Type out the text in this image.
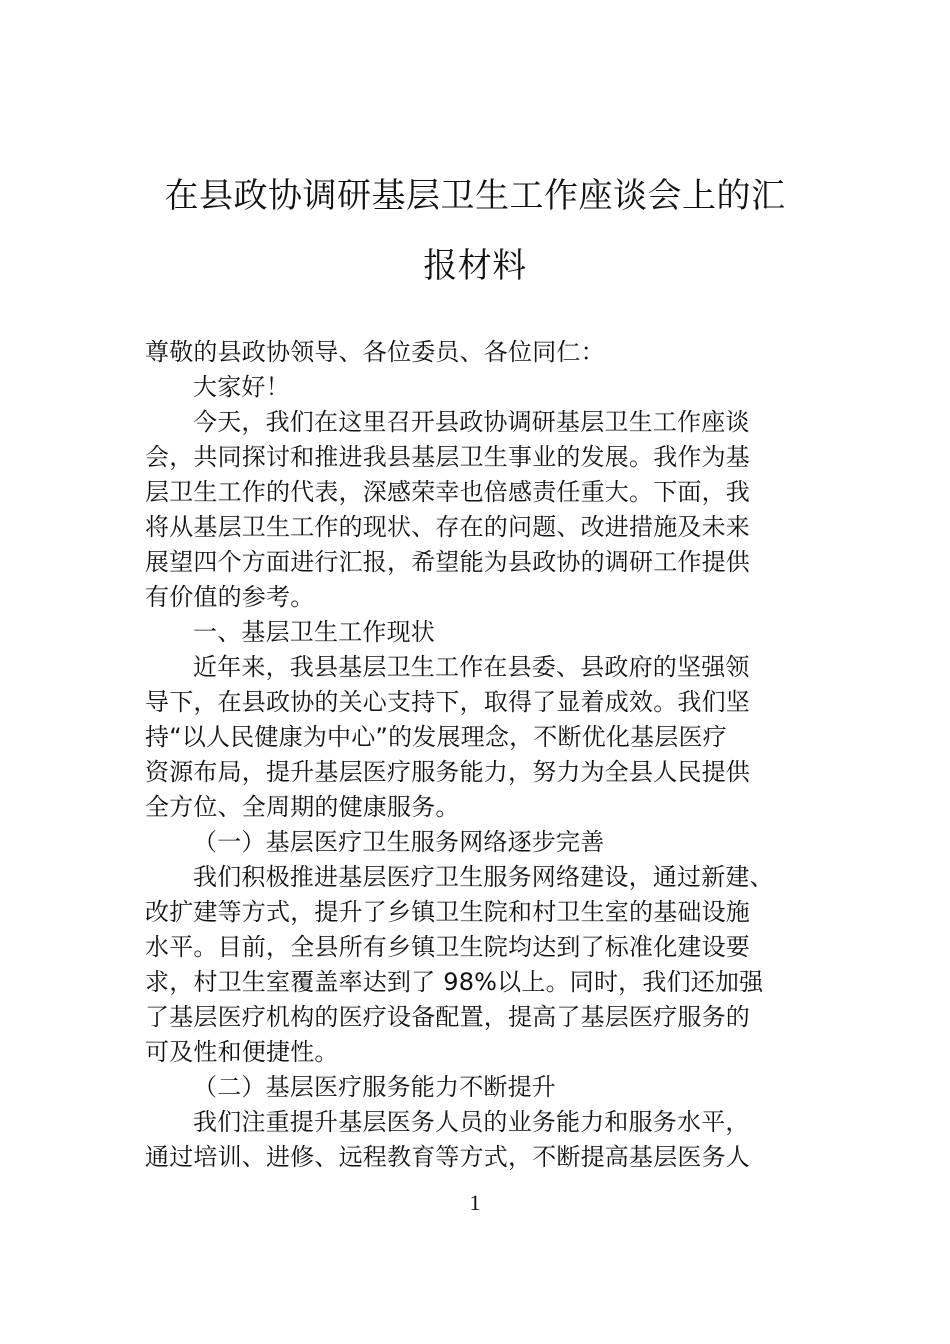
在县政协调研基层卫生工作座谈会上的汇
报材料
尊敬的县政协领导、各位委员、各位同仁：
大家好！
今天，我们在这里召开县政协调研基层卫生工作座谈
会，共同探讨和推进我县基层卫生事业的发展。我作为基
层卫生工作的代表，深感荣幸也倍感责任重大。下面，我
将从基层卫生工作的现状、存在的问题、改进措施及未来
展望四个方面进行汇报，希望能为县政协的调研工作提供
有价值的参考。
一、基层卫生工作现状
近年来，我县基层卫生工作在县委、县政府的坚强领
导下，在县政协的关心支持下，取得了显着成效。我们坚
持“以人民健康为中心”的发展理念，不断优化基层医疗
资源布局，提升基层医疗服务能力，努力为全县人民提供
全方位、全周期的健康服务。
（一）基层医疗卫生服务网络逐步完善
我们积极推进基层医疗卫生服务网络建设，通过新建、
改扩建等方式，提升了乡镇卫生院和村卫生室的基础设施
水平。目前，全县所有乡镇卫生院均达到了标准化建设要
求，村卫生室覆盖率达到了 98%以上。同时，我们还加强
了基层医疗机构的医疗设备配置，提高了基层医疗服务的
可及性和便捷性。
（二）基层医疗服务能力不断提升
我们注重提升基层医务人员的业务能力和服务水平，
通过培训、进修、远程教育等方式，不断提高基层医务人
1
